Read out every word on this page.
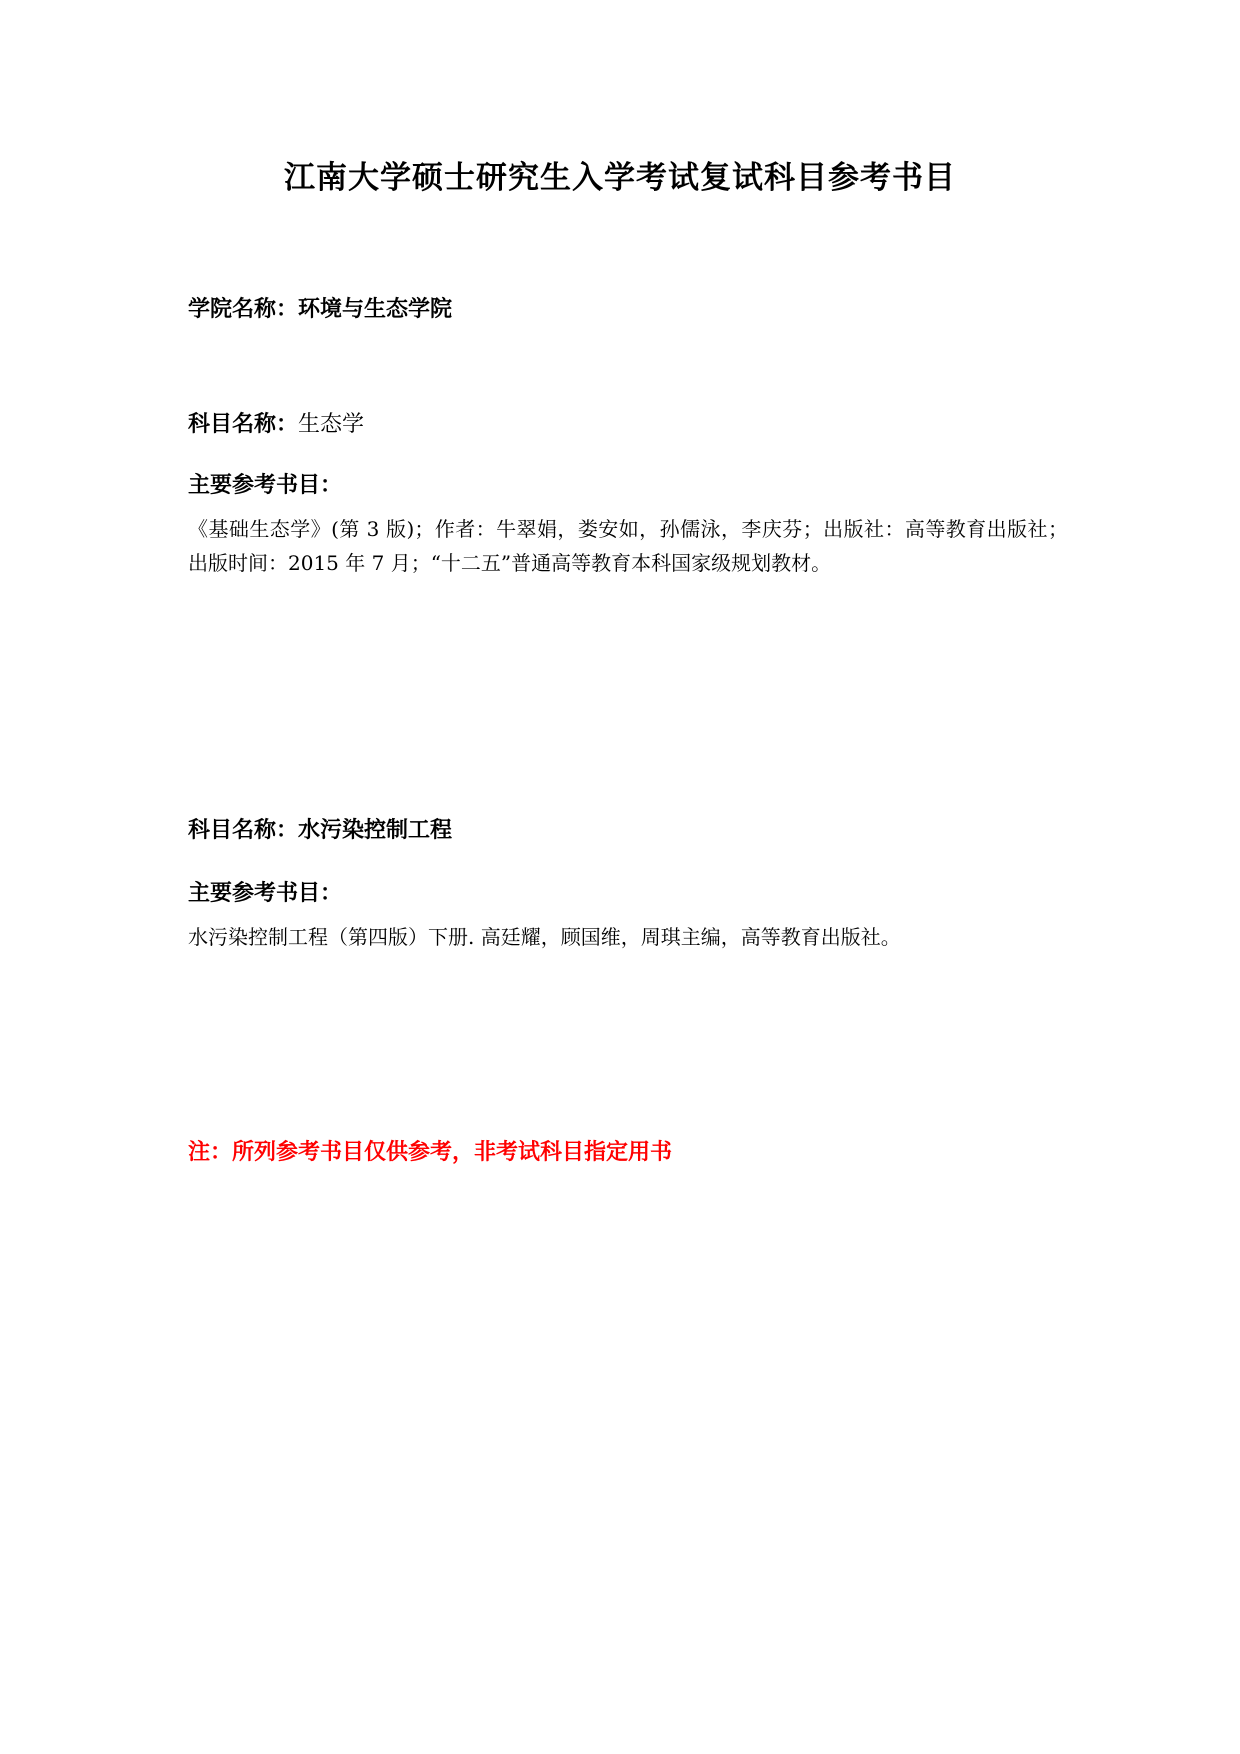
江南大学硕士研究生入学考试复试科目参考书目
学院名称：环境与生态学院
科目名称：生态学
主要参考书目：
《基础生态学》(第 3 版)；作者：牛翠娟，娄安如，孙儒泳，李庆芬；出版社：高等教育出版社；出版时间：2015 年 7 月；“十二五”普通高等教育本科国家级规划教材。
科目名称：水污染控制工程
主要参考书目：
水污染控制工程（第四版）下册. 高廷耀，顾国维，周琪主编，高等教育出版社。
注：所列参考书目仅供参考，非考试科目指定用书
